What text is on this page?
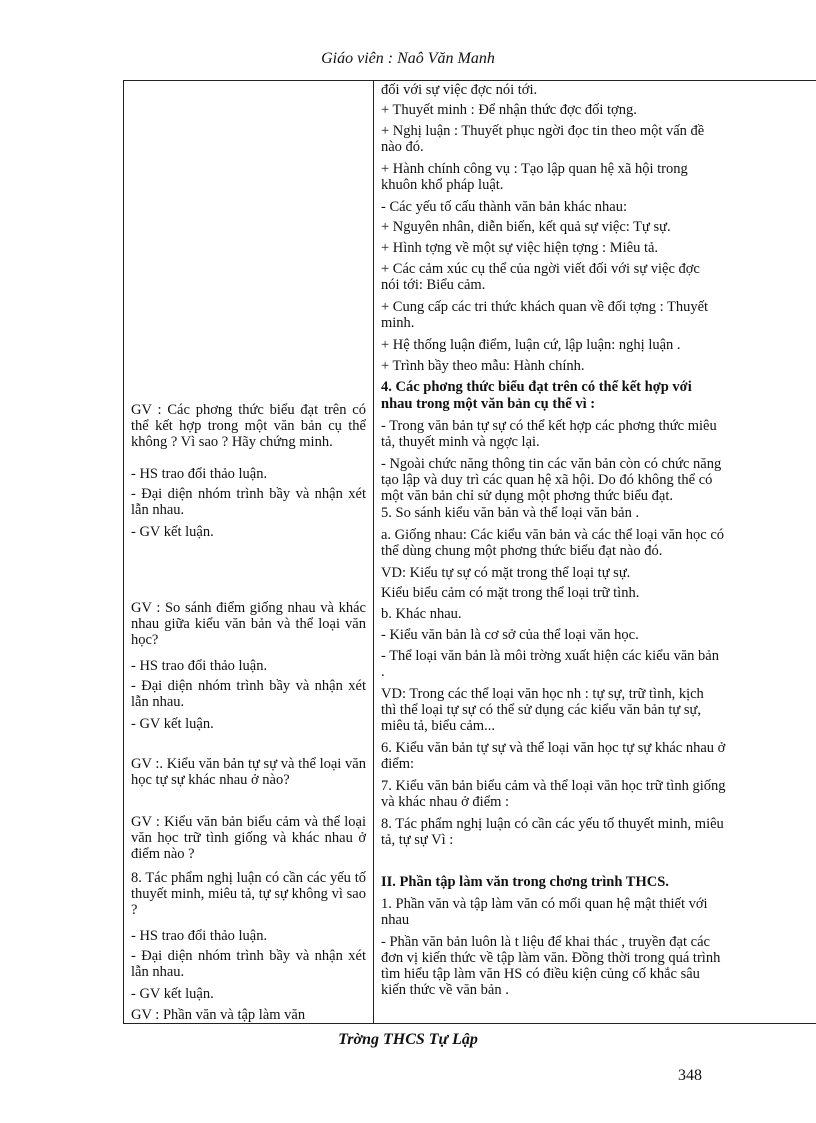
Giáo viên : Naô Văn Manh

GV : Các phơng thức biểu đạt trên có thể kết hợp trong một văn bản cụ thể không ? Vì sao ? Hãy chứng minh.

- HS trao đổi thảo luận.

- Đại diện nhóm trình bầy và nhận xét lẫn nhau.

- GV kết luận.

GV : So sánh điểm giống nhau và khác nhau giữa kiểu văn bản và thể loại văn học?

- HS trao đổi thảo luận.

- Đại diện nhóm trình bầy và nhận xét lẫn nhau.

- GV kết luận.

GV :. Kiểu văn bản tự sự và thể loại văn học tự sự khác nhau ở nào?

GV : Kiểu văn bản biểu cảm và thể loại văn học trữ tình giống và khác nhau ở điểm nào ?

8. Tác phẩm nghị luận có cần các yếu tố thuyết minh, miêu tả, tự sự không vì sao ?

- HS trao đổi thảo luận.

- Đại diện nhóm trình bầy và nhận xét lẫn nhau.

- GV kết luận.

GV : Phần văn và tập làm văn

đối với sự việc đợc nói tới.

+ Thuyết minh : Để nhận thức đợc đối tợng.

+ Nghị luận : Thuyết phục ngời đọc tin theo một vấn đề

nào đó.

+ Hành chính công vụ : Tạo lập quan hệ xã hội trong

khuôn khổ pháp luật.

- Các yếu tố cấu thành văn bản khác nhau:

+ Nguyên nhân, diễn biến, kết quả sự việc: Tự sự.

+ Hình tợng về một sự việc hiện tợng : Miêu tả.

+ Các cảm xúc cụ thể của ngời viết đối với sự việc đợc

nói tới: Biểu cảm.

+ Cung cấp các tri thức khách quan về đối tợng : Thuyết

minh.

+ Hệ thống luận điểm, luận cứ, lập luận: nghị luận .

+ Trình bầy theo mẫu: Hành chính.

4. Các phơng thức biểu đạt trên có thể kết hợp với

nhau trong một văn bản cụ thể vì :

- Trong văn bản tự sự có thể kết hợp các phơng thức miêu

tả, thuyết minh và ngợc lại.

- Ngoài chức năng thông tin các văn bản còn có chức năng

tạo lập và duy trì các quan hệ xã hội. Do đó không thể có

một văn bản chỉ sử dụng một phơng thức biểu đạt.

5. So sánh kiểu văn bản và thể loại văn bản .

a. Giống nhau: Các kiểu văn bản và các thể loại văn học có

thể dùng chung một phơng thức biểu đạt nào đó.

VD: Kiểu tự sự có mặt trong thể loại tự sự.

Kiểu biểu cảm có mặt trong thể loại trữ tình.

b. Khác nhau.

- Kiểu văn bản là cơ sở của thể loại văn học.

- Thể loại văn bản là môi trờng xuất hiện các kiểu văn bản

.

VD: Trong các thể loại văn học nh : tự sự, trữ tình, kịch

thì thể loại tự sự có thể sử dụng các kiểu văn bản tự sự,

miêu tả, biểu cảm...

6. Kiểu văn bản tự sự và thể loại văn học tự sự khác nhau ở

điểm:

7. Kiểu văn bản biểu cảm và thể loại văn học trữ tình giống

và khác nhau ở điểm :

8. Tác phẩm nghị luận có cần các yếu tố thuyết minh, miêu

tả, tự sự Vì :

II. Phần tập làm văn trong chơng trình THCS.

1. Phần văn và tập làm văn có mối quan hệ mật thiết với

nhau

- Phần văn bản luôn là t liệu để khai thác , truyền đạt các

đơn vị kiến thức về tập làm văn. Đồng thời trong quá trình

tìm hiểu tập làm văn HS có điều kiện củng cố khắc sâu

kiến thức về văn bản .

Trờng THCS Tự Lập
348
